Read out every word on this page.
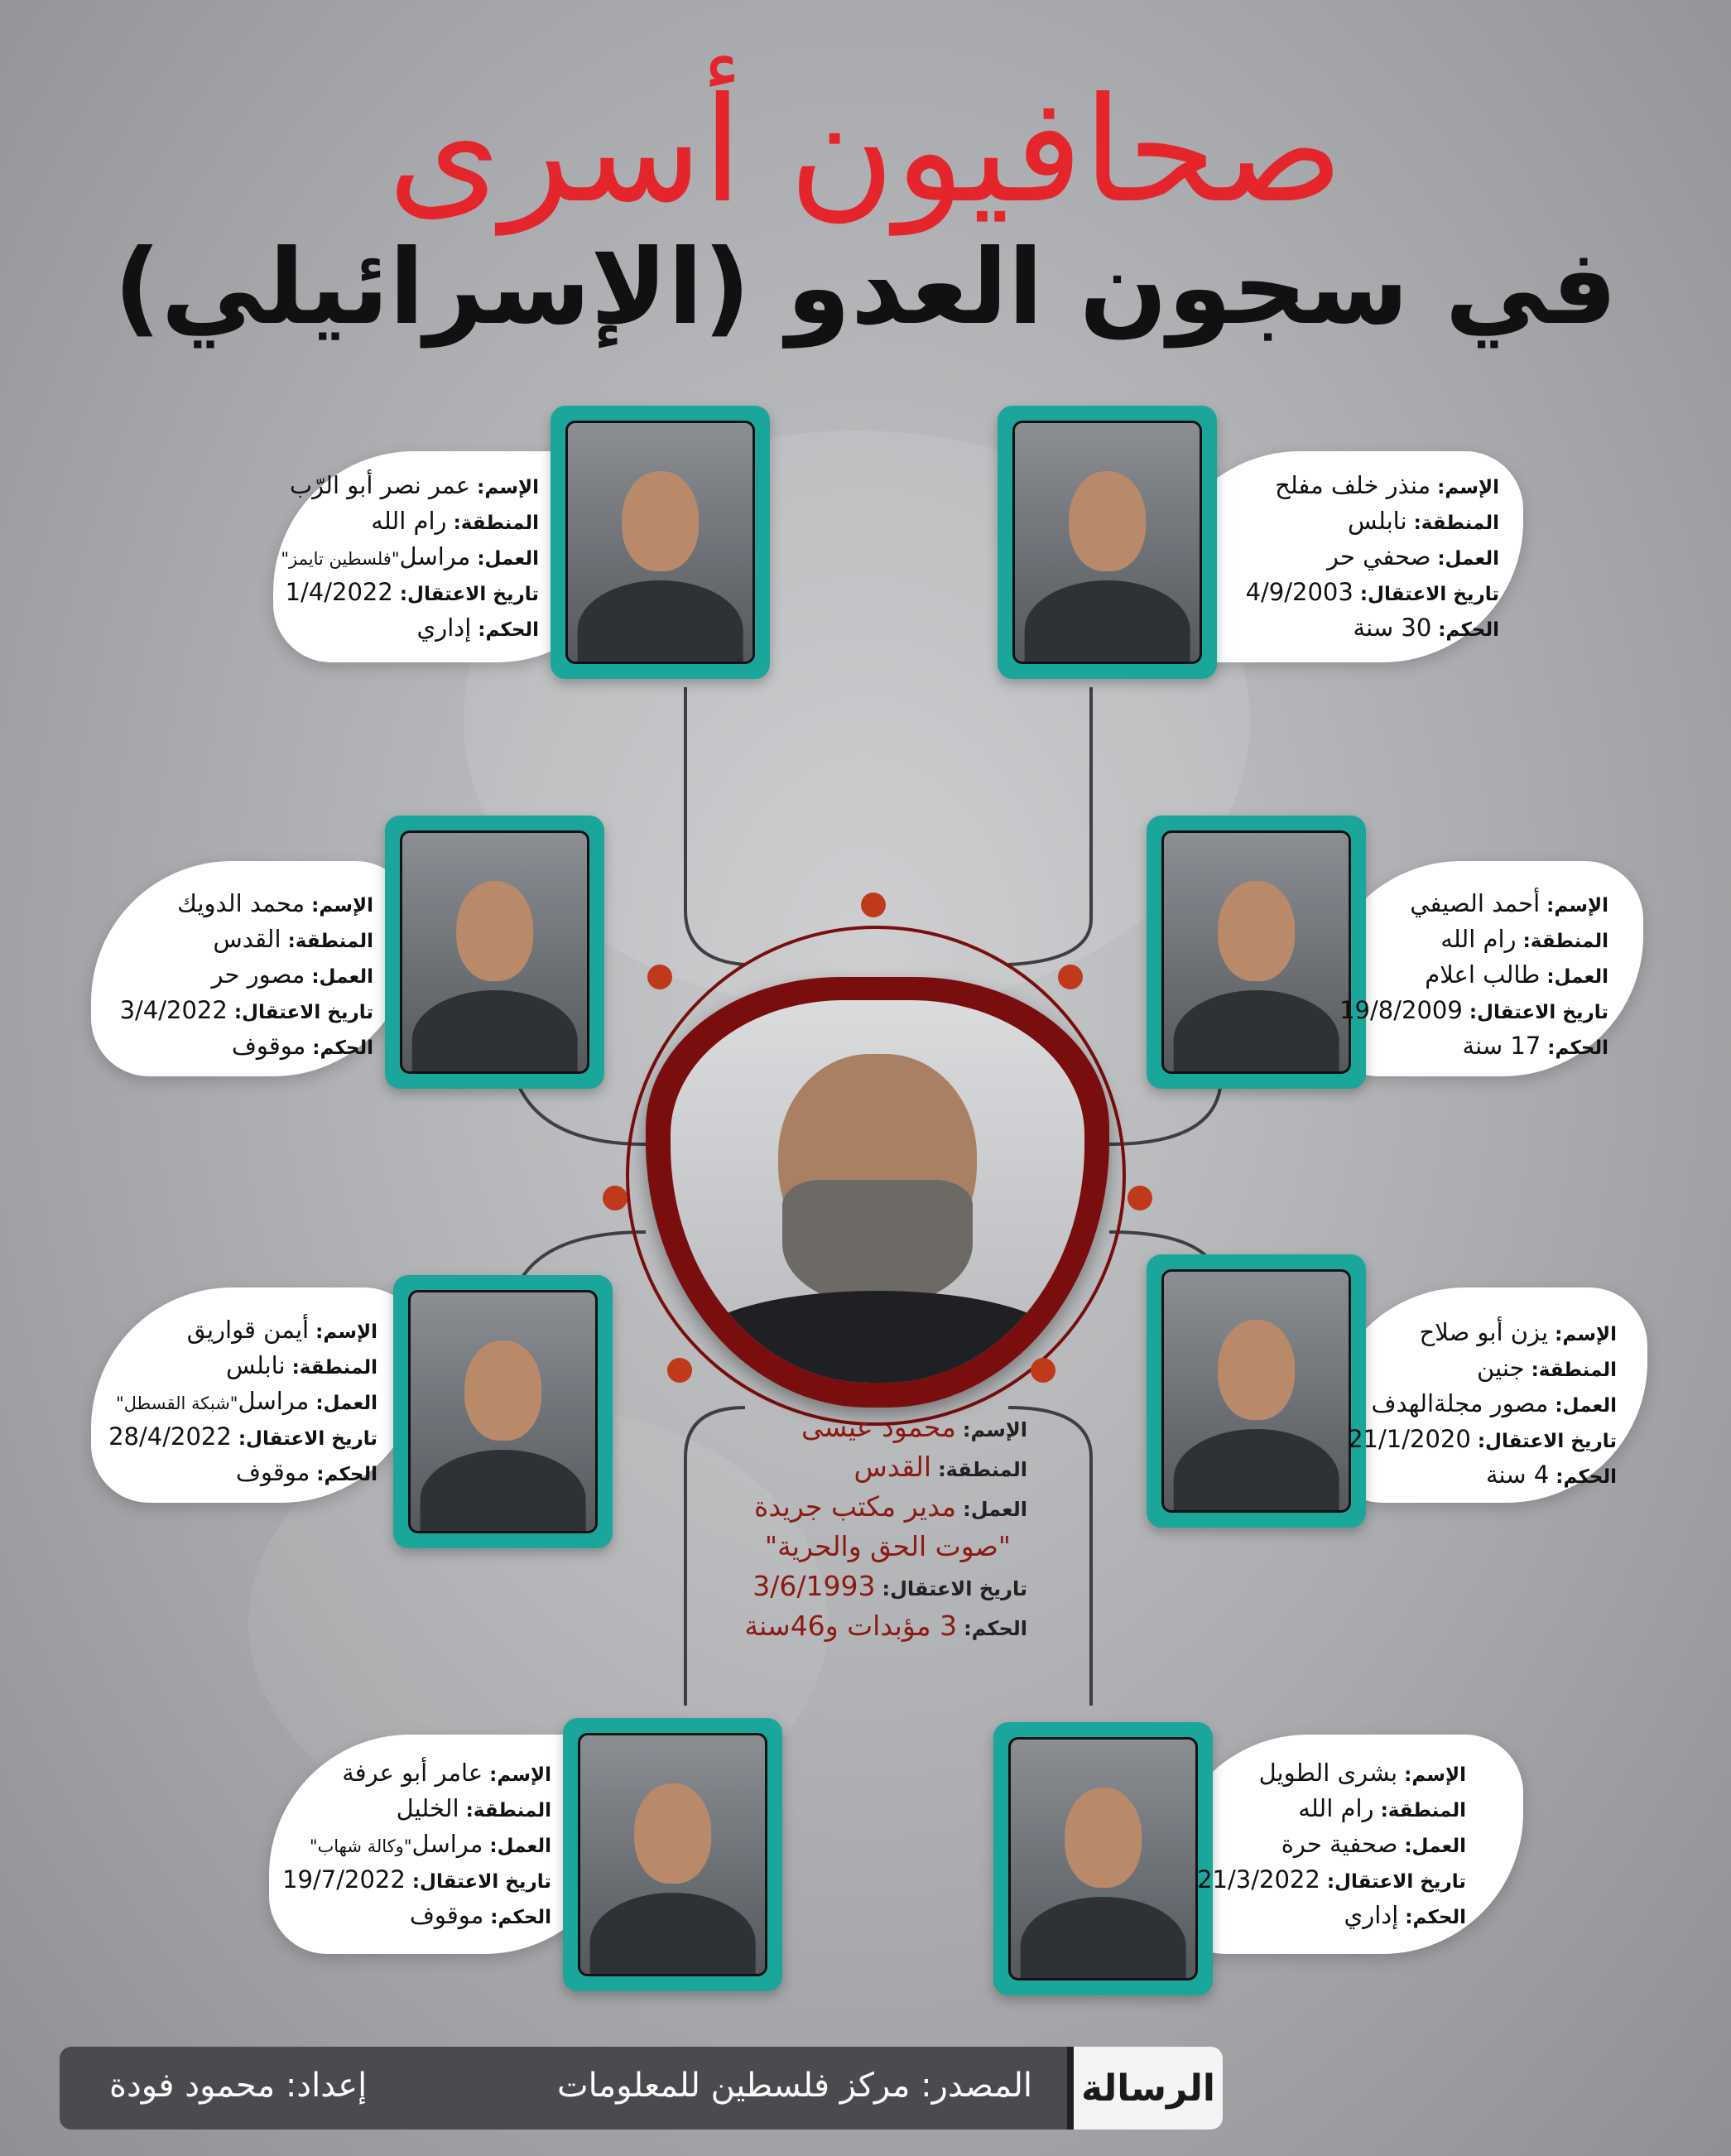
صحافيون أسرى
في سجون العدو (الإسرائيلي)
الإسم:محمود عيسى
المنطقة:القدس
العمل:مدير مكتب جريدة
"صوت الحق والحرية"
تاريخ الاعتقال:3/6/1993
الحكم:3 مؤبدات و46سنة
الإسم:منذر خلف مفلح
المنطقة:نابلس
العمل:صحفي حر
تاريخ الاعتقال:4/9/2003
الحكم:30 سنة
الإسم:عمر نصر أبو الرّب
المنطقة:رام الله
العمل:مراسل"فلسطين تايمز"
تاريخ الاعتقال:1/4/2022
الحكم:إداري
الإسم:أحمد الصيفي
المنطقة:رام الله
العمل:طالب اعلام
تاريخ الاعتقال:19/8/2009
الحكم:17 سنة
الإسم:محمد الدويك
المنطقة:القدس
العمل:مصور حر
تاريخ الاعتقال:3/4/2022
الحكم:موقوف
الإسم:يزن أبو صلاح
المنطقة:جنين
العمل:مصور مجلةالهدف
تاريخ الاعتقال:21/1/2020
الحكم:4 سنة
الإسم:أيمن قواريق
المنطقة:نابلس
العمل:مراسل"شبكة القسطل"
تاريخ الاعتقال:28/4/2022
الحكم:موقوف
الإسم:بشرى الطويل
المنطقة:رام الله
العمل:صحفية حرة
تاريخ الاعتقال:21/3/2022
الحكم:إداري
الإسم:عامر أبو عرفة
المنطقة:الخليل
العمل:مراسل"وكالة شهاب"
تاريخ الاعتقال:19/7/2022
الحكم:موقوف
الرسالة
المصدر: مركز فلسطين للمعلومات
إعداد: محمود فودة
